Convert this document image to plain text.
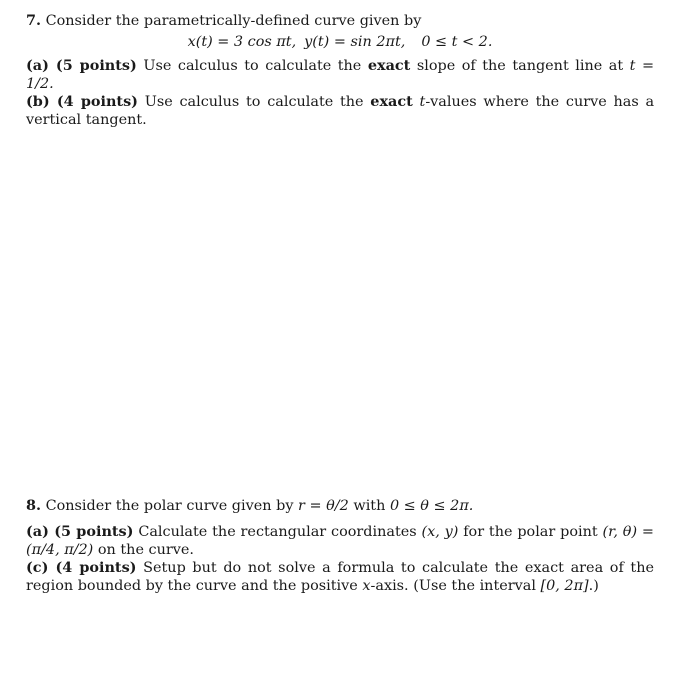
7. Consider the parametrically-defined curve given by
x(t) = 3 cos πt, y(t) = sin 2πt, 0 ≤ t < 2.
(a) (5 points) Use calculus to calculate the exact slope of the tangent line at t = 1/2.
(b) (4 points) Use calculus to calculate the exact t-values where the curve has a vertical tangent.
8. Consider the polar curve given by r = θ/2 with 0 ≤ θ ≤ 2π.
(a) (5 points) Calculate the rectangular coordinates (x, y) for the polar point (r, θ) = (π/4, π/2) on the curve.
(c) (4 points) Setup but do not solve a formula to calculate the exact area of the region bounded by the curve and the positive x-axis. (Use the interval [0, 2π].)
